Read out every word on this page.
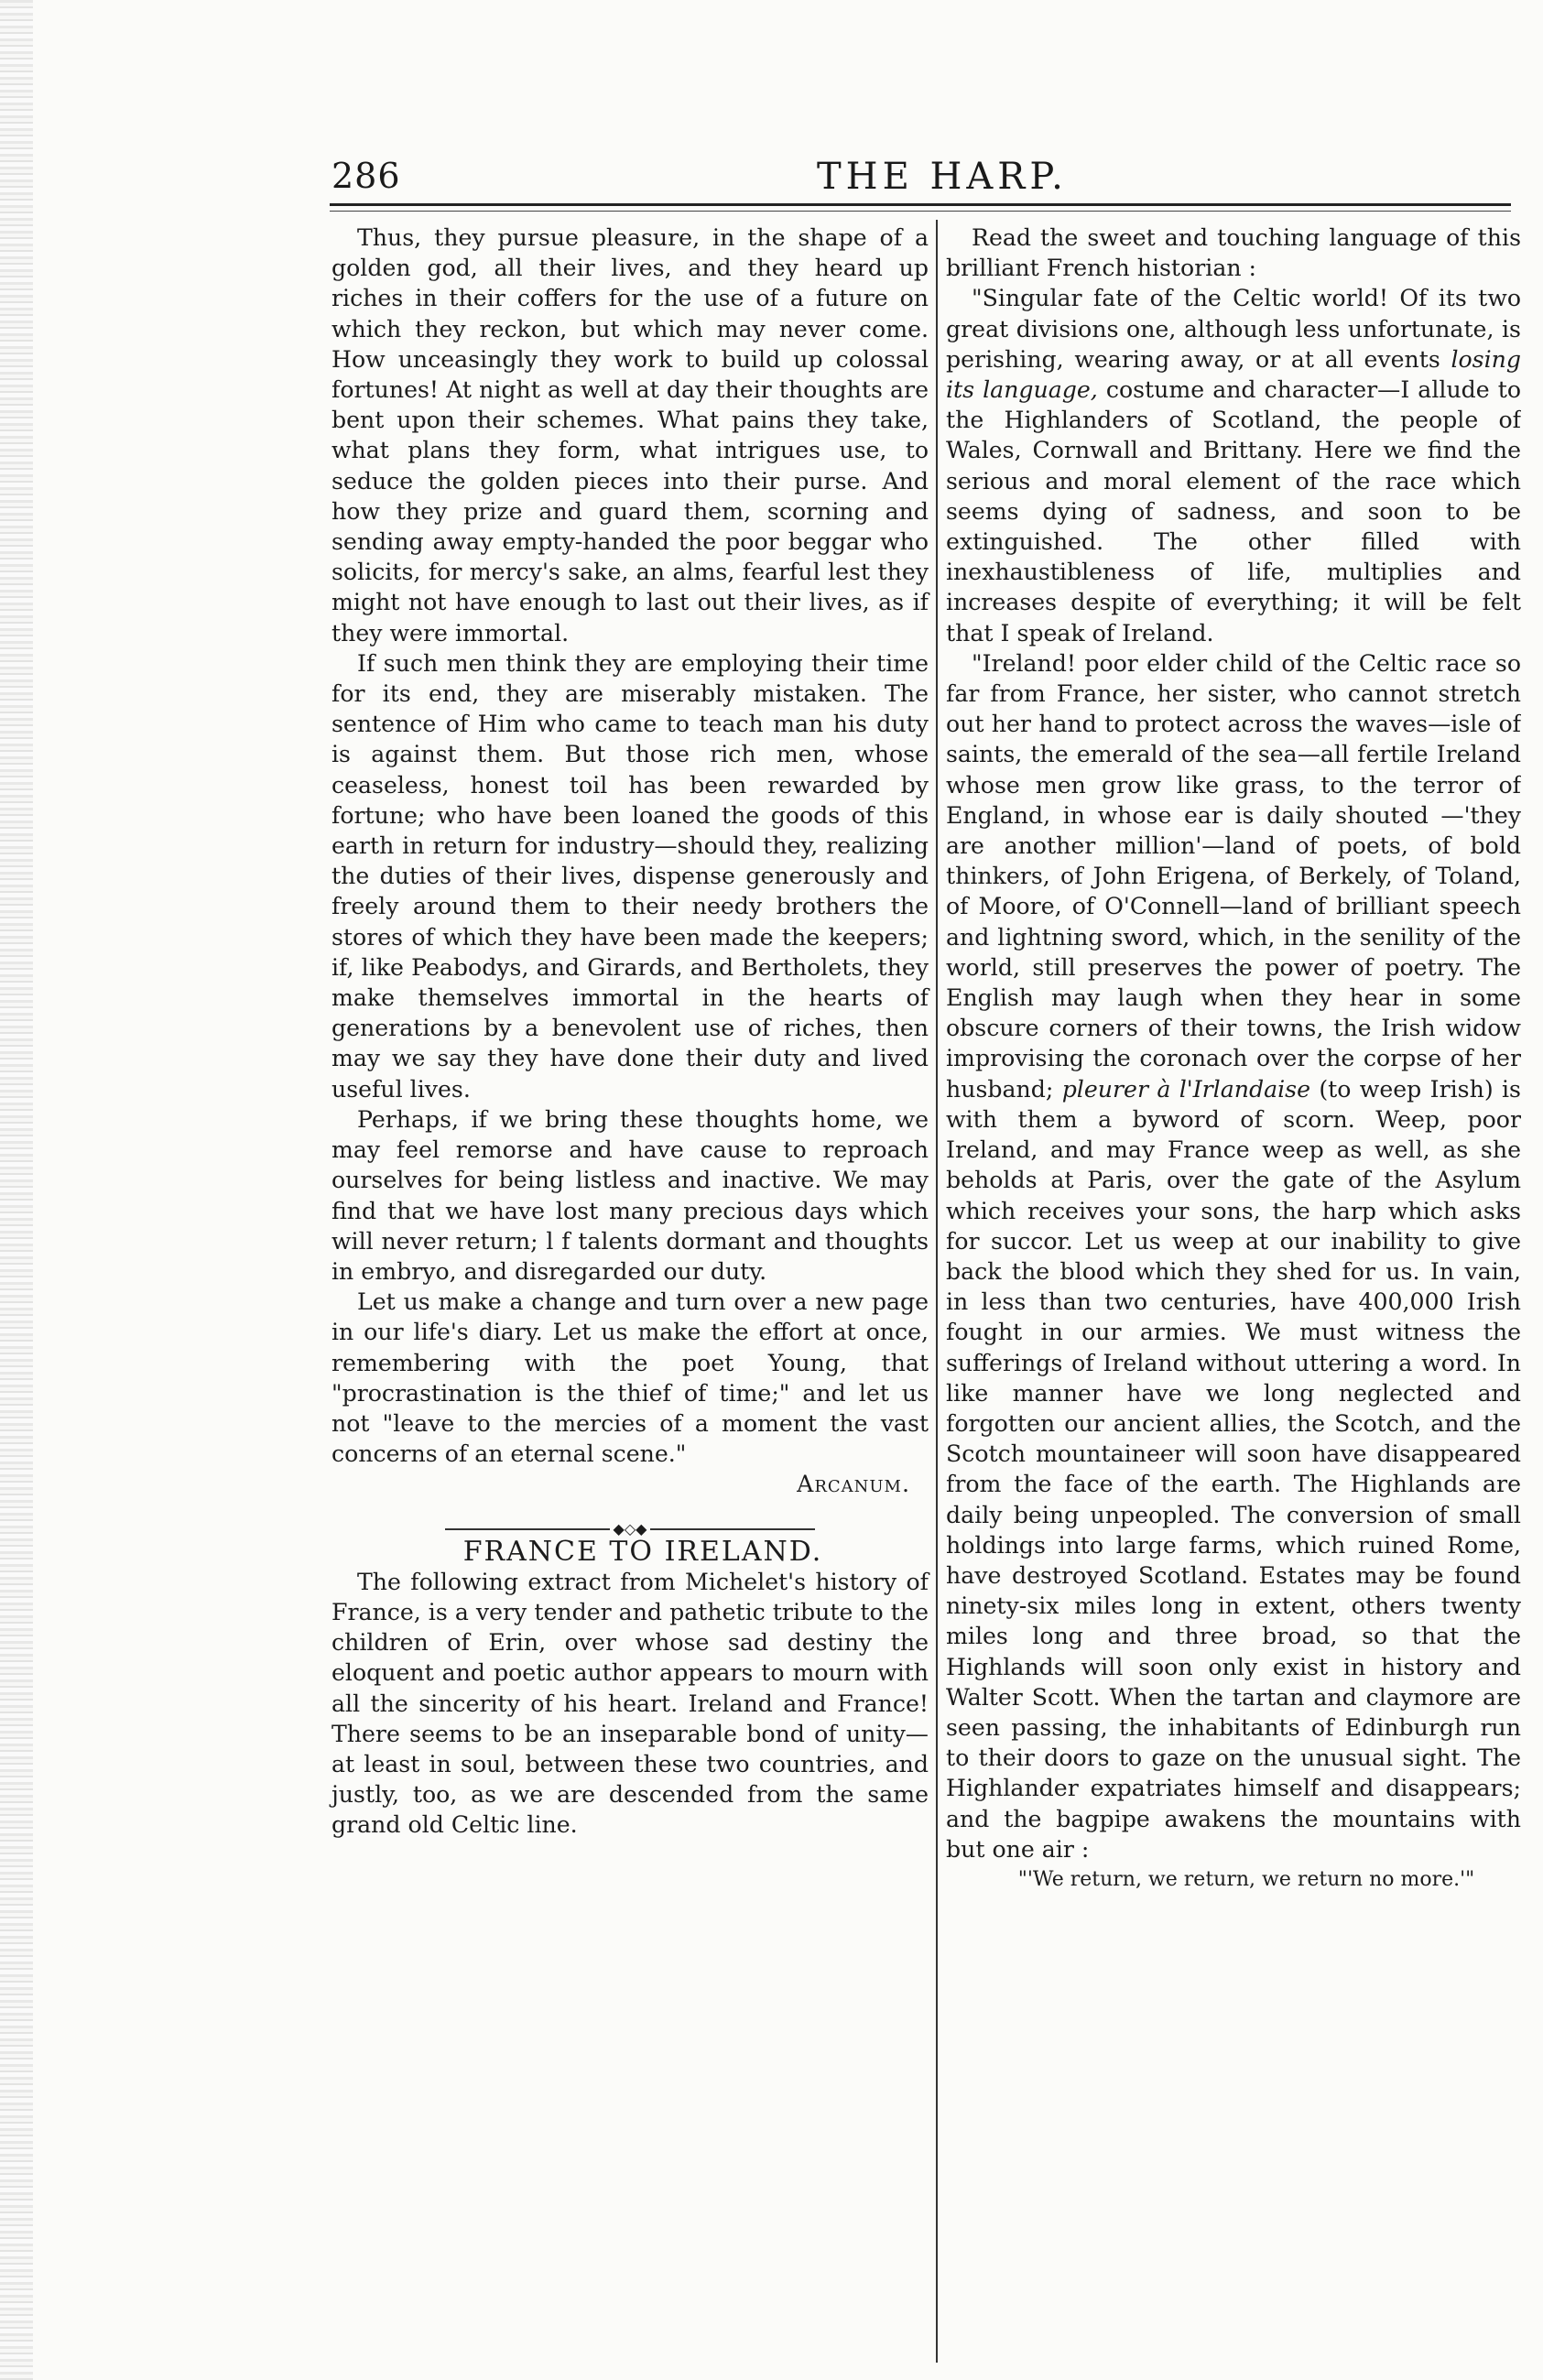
286	THE HARP.

Thus, they pursue pleasure, in the shape of a golden god, all their lives, and they heard up riches in their coffers for the use of a future on which they reckon, but which may never come. How unceasingly they work to build up colossal fortunes! At night as well at day their thoughts are bent upon their schemes. What pains they take, what plans they form, what intrigues use, to seduce the golden pieces into their purse. And how they prize and guard them, scorning and sending away empty-handed the poor beggar who solicits, for mercy's sake, an alms, fearful lest they might not have enough to last out their lives, as if they were immortal.

If such men think they are employing their time for its end, they are miserably mistaken. The sentence of Him who came to teach man his duty is against them. But those rich men, whose ceaseless, honest toil has been rewarded by fortune; who have been loaned the goods of this earth in return for industry—should they, realizing the duties of their lives, dispense generously and freely around them to their needy brothers the stores of which they have been made the keepers; if, like Peabodys, and Girards, and Bertholets, they make themselves immortal in the hearts of generations by a benevolent use of riches, then may we say they have done their duty and lived useful lives.

Perhaps, if we bring these thoughts home, we may feel remorse and have cause to reproach ourselves for being listless and inactive. We may find that we have lost many precious days which will never return; l f talents dormant and thoughts in embryo, and disregarded our duty.

Let us make a change and turn over a new page in our life's diary. Let us make the effort at once, remembering with the poet Young, that "procrastination is the thief of time;" and let us not "leave to the mercies of a moment the vast concerns of an eternal scene."

Arcanum.

◆◇◆

FRANCE TO IRELAND.

The following extract from Michelet's history of France, is a very tender and pathetic tribute to the children of Erin, over whose sad destiny the eloquent and poetic author appears to mourn with all the sincerity of his heart. Ireland and France! There seems to be an inseparable bond of unity—at least in soul, between these two countries, and justly, too, as we are descended from the same grand old Celtic line.

Read the sweet and touching language of this brilliant French historian :

"Singular fate of the Celtic world! Of its two great divisions one, although less unfortunate, is perishing, wearing away, or at all events losing its language, costume and character—I allude to the Highlanders of Scotland, the people of Wales, Cornwall and Brittany. Here we find the serious and moral element of the race which seems dying of sadness, and soon to be extinguished. The other filled with inexhaustibleness of life, multiplies and increases despite of everything; it will be felt that I speak of Ireland.

"Ireland! poor elder child of the Celtic race so far from France, her sister, who cannot stretch out her hand to protect across the waves—isle of saints, the emerald of the sea—all fertile Ireland whose men grow like grass, to the terror of England, in whose ear is daily shouted —'they are another million'—land of poets, of bold thinkers, of John Erigena, of Berkely, of Toland, of Moore, of O'Connell—land of brilliant speech and lightning sword, which, in the senility of the world, still preserves the power of poetry. The English may laugh when they hear in some obscure corners of their towns, the Irish widow improvising the coronach over the corpse of her husband; pleurer à l'Irlandaise (to weep Irish) is with them a byword of scorn. Weep, poor Ireland, and may France weep as well, as she beholds at Paris, over the gate of the Asylum which receives your sons, the harp which asks for succor. Let us weep at our inability to give back the blood which they shed for us. In vain, in less than two centuries, have 400,000 Irish fought in our armies. We must witness the sufferings of Ireland without uttering a word. In like manner have we long neglected and forgotten our ancient allies, the Scotch, and the Scotch mountaineer will soon have disappeared from the face of the earth. The Highlands are daily being unpeopled. The conversion of small holdings into large farms, which ruined Rome, have destroyed Scotland. Estates may be found ninety-six miles long in extent, others twenty miles long and three broad, so that the Highlands will soon only exist in history and Walter Scott. When the tartan and claymore are seen passing, the inhabitants of Edinburgh run to their doors to gaze on the unusual sight. The Highlander expatriates himself and disappears; and the bagpipe awakens the mountains with but one air :

"'We return, we return, we return no more.'"
